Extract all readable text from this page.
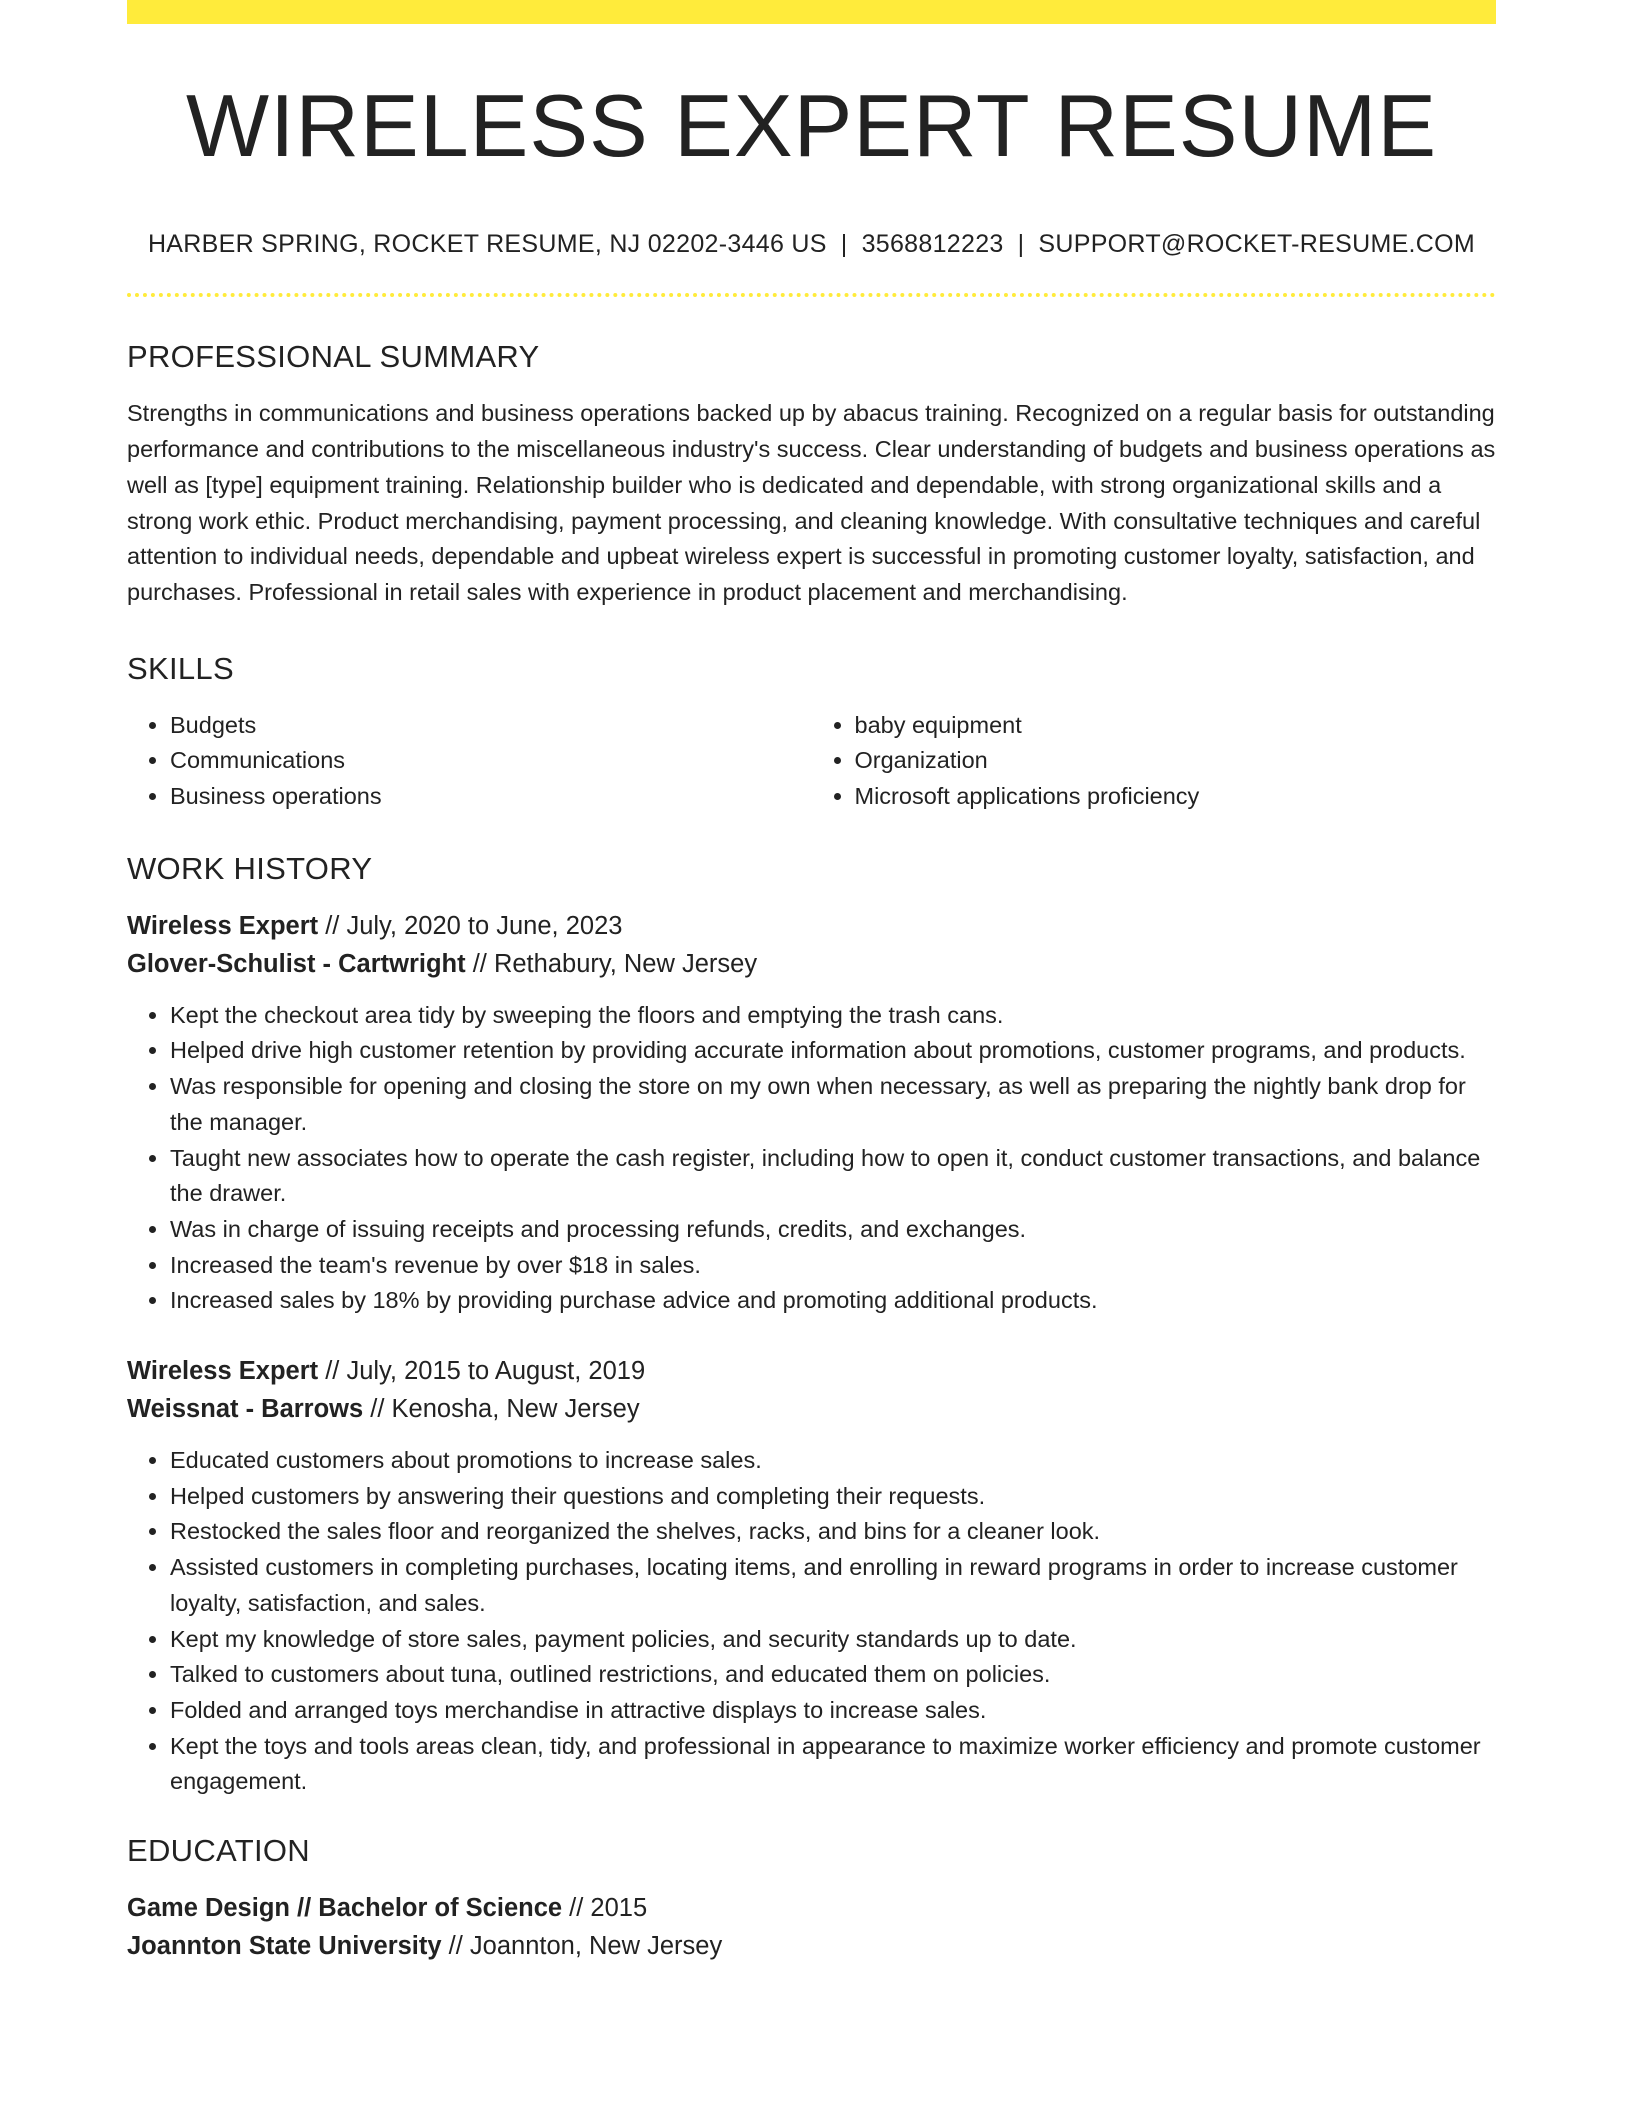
WIRELESS EXPERT RESUME
HARBER SPRING, ROCKET RESUME, NJ 02202-3446 US | 3568812223 | SUPPORT@ROCKET-RESUME.COM
PROFESSIONAL SUMMARY

Strengths in communications and business operations backed up by abacus training. Recognized on a regular basis for outstanding performance and contributions to the miscellaneous industry's success. Clear understanding of budgets and business operations as well as [type] equipment training. Relationship builder who is dedicated and dependable, with strong organizational skills and a strong work ethic. Product merchandising, payment processing, and cleaning knowledge. With consultative techniques and careful attention to individual needs, dependable and upbeat wireless expert is successful in promoting customer loyalty, satisfaction, and purchases. Professional in retail sales with experience in product placement and merchandising.

SKILLS
• Budgets
• Communications
• Business operations
• baby equipment
• Organization
• Microsoft applications proficiency
WORK HISTORY

Wireless Expert // July, 2020 to June, 2023

Glover-Schulist - Cartwright // Rethabury, New Jersey

• Kept the checkout area tidy by sweeping the floors and emptying the trash cans.
• Helped drive high customer retention by providing accurate information about promotions, customer programs, and products.
• Was responsible for opening and closing the store on my own when necessary, as well as preparing the nightly bank drop for the manager.
• Taught new associates how to operate the cash register, including how to open it, conduct customer transactions, and balance the drawer.
• Was in charge of issuing receipts and processing refunds, credits, and exchanges.
• Increased the team's revenue by over $18 in sales.
• Increased sales by 18% by providing purchase advice and promoting additional products.

Wireless Expert // July, 2015 to August, 2019

Weissnat - Barrows // Kenosha, New Jersey

• Educated customers about promotions to increase sales.
• Helped customers by answering their questions and completing their requests.
• Restocked the sales floor and reorganized the shelves, racks, and bins for a cleaner look.
• Assisted customers in completing purchases, locating items, and enrolling in reward programs in order to increase customer loyalty, satisfaction, and sales.
• Kept my knowledge of store sales, payment policies, and security standards up to date.
• Talked to customers about tuna, outlined restrictions, and educated them on policies.
• Folded and arranged toys merchandise in attractive displays to increase sales.
• Kept the toys and tools areas clean, tidy, and professional in appearance to maximize worker efficiency and promote customer engagement.
EDUCATION

Game Design // Bachelor of Science // 2015

Joannton State University // Joannton, New Jersey
